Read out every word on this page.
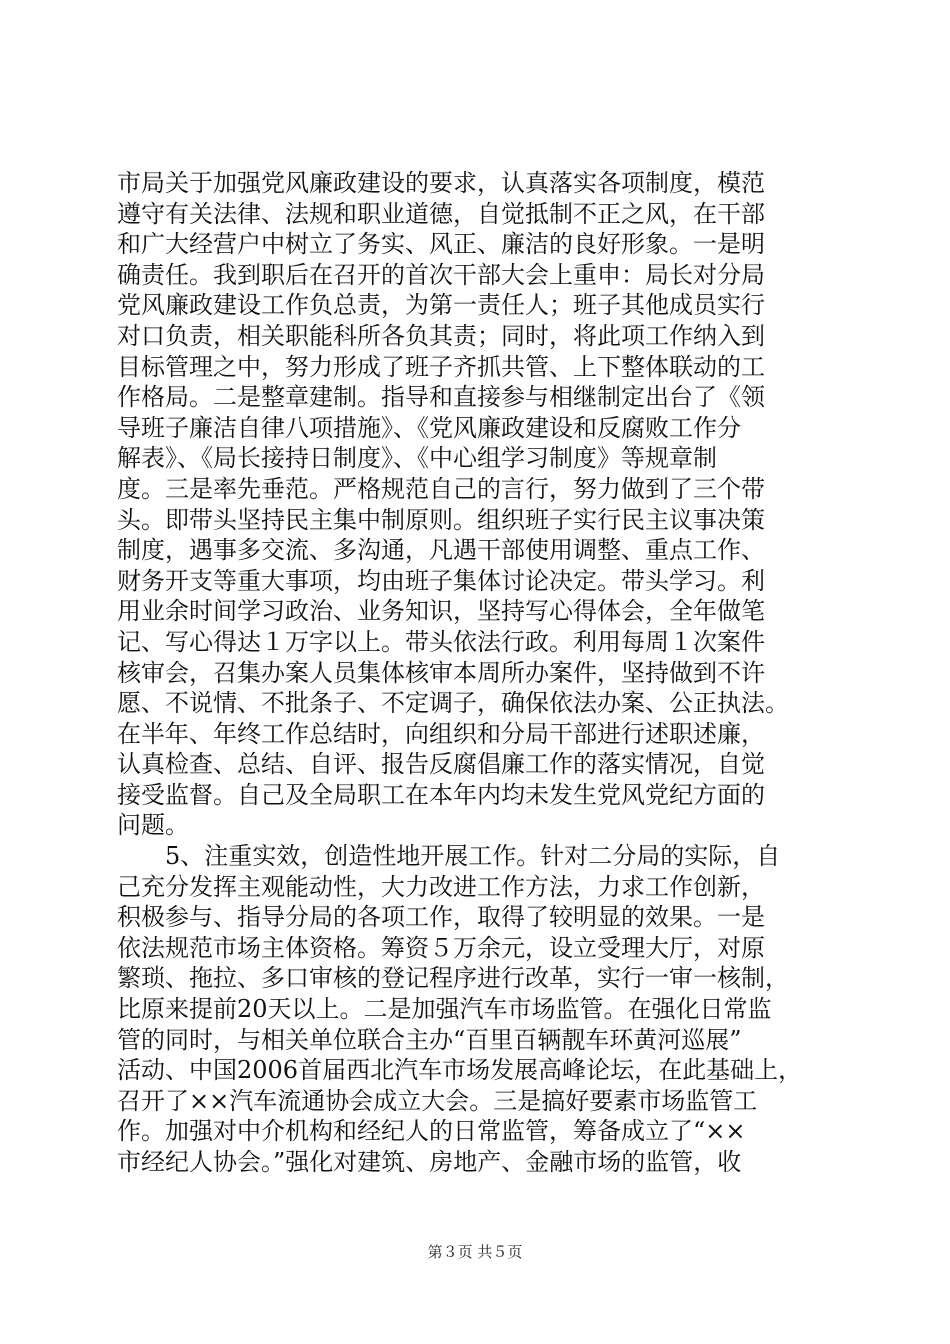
市局关于加强党风廉政建设的要求，认真落实各项制度，模范
遵守有关法律、法规和职业道德，自觉抵制不正之风，在干部
和广大经营户中树立了务实、风正、廉洁的良好形象。一是明
确责任。我到职后在召开的首次干部大会上重申：局长对分局
党风廉政建设工作负总责，为第一责任人；班子其他成员实行
对口负责，相关职能科所各负其责；同时，将此项工作纳入到
目标管理之中，努力形成了班子齐抓共管、上下整体联动的工
作格局。二是整章建制。指导和直接参与相继制定出台了《领
导班子廉洁自律八项措施》、《党风廉政建设和反腐败工作分
解表》、《局长接持日制度》、《中心组学习制度》等规章制
度。三是率先垂范。严格规范自己的言行，努力做到了三个带
头。即带头坚持民主集中制原则。组织班子实行民主议事决策
制度，遇事多交流、多沟通，凡遇干部使用调整、重点工作、
财务开支等重大事项，均由班子集体讨论决定。带头学习。利
用业余时间学习政治、业务知识，坚持写心得体会，全年做笔
记、写心得达１万字以上。带头依法行政。利用每周１次案件
核审会，召集办案人员集体核审本周所办案件，坚持做到不许
愿、不说情、不批条子、不定调子，确保依法办案、公正执法。
在半年、年终工作总结时，向组织和分局干部进行述职述廉，
认真检查、总结、自评、报告反腐倡廉工作的落实情况，自觉
接受监督。自己及全局职工在本年内均未发生党风党纪方面的
问题。
　　5、注重实效，创造性地开展工作。针对二分局的实际，自
己充分发挥主观能动性，大力改进工作方法，力求工作创新，
积极参与、指导分局的各项工作，取得了较明显的效果。一是
依法规范市场主体资格。筹资５万余元，设立受理大厅，对原
繁琐、拖拉、多口审核的登记程序进行改革，实行一审一核制，
比原来提前20天以上。二是加强汽车市场监管。在强化日常监
管的同时，与相关单位联合主办“百里百辆靓车环黄河巡展”
活动、中国2006首届西北汽车市场发展高峰论坛，在此基础上，
召开了××汽车流通协会成立大会。三是搞好要素市场监管工
作。加强对中介机构和经纪人的日常监管，筹备成立了“××
市经纪人协会。”强化对建筑、房地产、金融市场的监管，收
第３页 共５页
